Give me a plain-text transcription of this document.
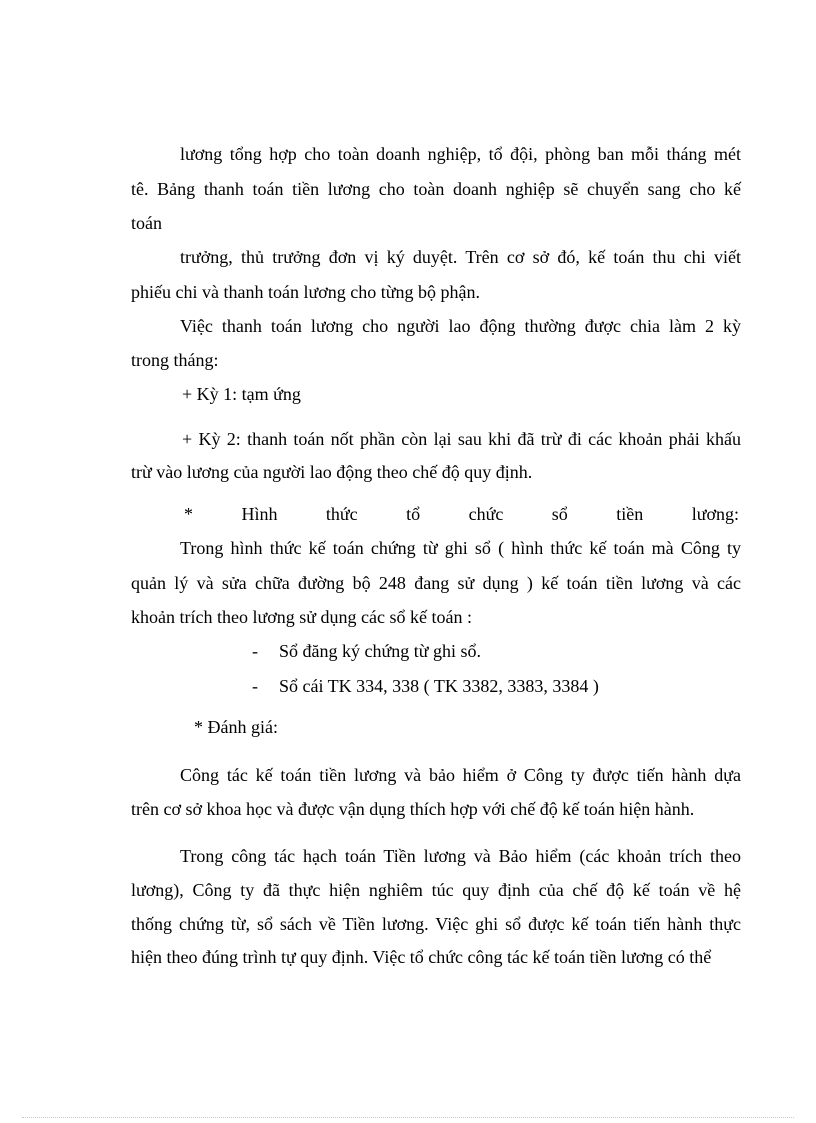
lương tổng hợp cho toàn doanh nghiệp, tổ đội, phòng ban mỗi tháng mét
tê. Bảng thanh toán tiền lương cho toàn doanh nghiệp sẽ chuyển sang cho kế
toán
trưởng, thủ trưởng đơn vị ký duyệt. Trên cơ sở đó, kế toán thu chi viết
phiếu chi và thanh toán lương cho từng bộ phận.
Việc thanh toán lương cho người lao động thường được chia làm 2 kỳ
trong tháng:
+ Kỳ 1: tạm ứng
+ Kỳ 2: thanh toán nốt phần còn lại sau khi đã trừ đi các khoản phải khấu
trừ vào lương của người lao động theo chế độ quy định.
* Hình thức tổ chức sổ tiền lương:
Trong hình thức kế toán chứng từ ghi sổ ( hình thức kế toán mà Công ty
quản lý và sửa chữa đường bộ 248 đang sử dụng ) kế toán tiền lương và các
khoản trích theo lương sử dụng các sổ kế toán :
- Sổ đăng ký chứng từ ghi sổ.
- Sổ cái TK 334, 338 ( TK 3382, 3383, 3384 )
* Đánh giá:
Công tác kế toán tiền lương và bảo hiểm ở Công ty được tiến hành dựa
trên cơ sở khoa học và được vận dụng thích hợp với chế độ kế toán hiện hành.
Trong công tác hạch toán Tiền lương và Bảo hiểm (các khoản trích theo
lương), Công ty đã thực hiện nghiêm túc quy định của chế độ kế toán về hệ
thống chứng từ, sổ sách về Tiền lương. Việc ghi sổ được kế toán tiến hành thực
hiện theo đúng trình tự quy định. Việc tổ chức công tác kế toán tiền lương có thể
